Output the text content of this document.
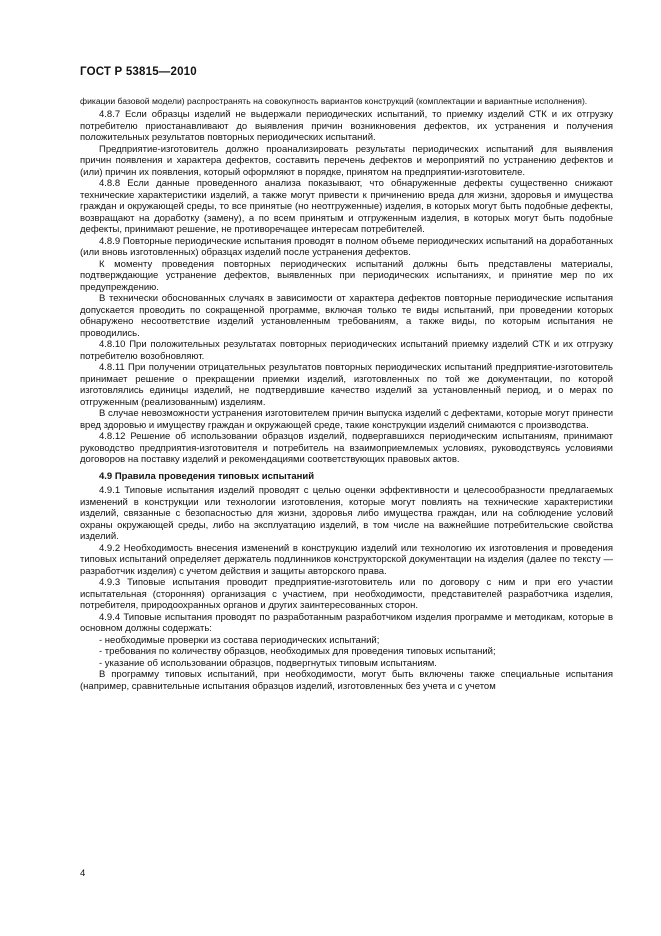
ГОСТ Р 53815—2010

фикации базовой модели) распространять на совокупность вариантов конструкций (комплектации и вариантные исполнения).

4.8.7 Если образцы изделий не выдержали периодических испытаний, то приемку изделий СТК и их отгрузку потребителю приостанавливают до выявления причин возникновения дефектов, их устранения и получения положительных результатов повторных периодических испытаний.

Предприятие-изготовитель должно проанализировать результаты периодических испытаний для выявления причин появления и характера дефектов, составить перечень дефектов и мероприятий по устранению дефектов и (или) причин их появления, который оформляют в порядке, принятом на предприятии-изготовителе.

4.8.8 Если данные проведенного анализа показывают, что обнаруженные дефекты существенно снижают технические характеристики изделий, а также могут привести к причинению вреда для жизни, здоровья и имущества граждан и окружающей среды, то все принятые (но неотгруженные) изделия, в которых могут быть подобные дефекты, возвращают на доработку (замену), а по всем принятым и отгруженным изделия, в которых могут быть подобные дефекты, принимают решение, не противоречащее интересам потребителей.

4.8.9 Повторные периодические испытания проводят в полном объеме периодических испытаний на доработанных (или вновь изготовленных) образцах изделий после устранения дефектов.

К моменту проведения повторных периодических испытаний должны быть представлены материалы, подтверждающие устранение дефектов, выявленных при периодических испытаниях, и принятие мер по их предупреждению.

В технически обоснованных случаях в зависимости от характера дефектов повторные периодические испытания допускается проводить по сокращенной программе, включая только те виды испытаний, при проведении которых обнаружено несоответствие изделий установленным требованиям, а также виды, по которым испытания не проводились.

4.8.10 При положительных результатах повторных периодических испытаний приемку изделий СТК и их отгрузку потребителю возобновляют.

4.8.11 При получении отрицательных результатов повторных периодических испытаний предприятие-изготовитель принимает решение о прекращении приемки изделий, изготовленных по той же документации, по которой изготовлялись единицы изделий, не подтвердившие качество изделий за установленный период, и о мерах по отгруженным (реализованным) изделиям.

В случае невозможности устранения изготовителем причин выпуска изделий с дефектами, которые могут принести вред здоровью и имуществу граждан и окружающей среде, такие конструкции изделий снимаются с производства.

4.8.12 Решение об использовании образцов изделий, подвергавшихся периодическим испытаниям, принимают руководство предприятия-изготовителя и потребитель на взаимоприемлемых условиях, руководствуясь условиями договоров на поставку изделий и рекомендациями соответствующих правовых актов.

4.9 Правила проведения типовых испытаний

4.9.1 Типовые испытания изделий проводят с целью оценки эффективности и целесообразности предлагаемых изменений в конструкции или технологии изготовления, которые могут повлиять на технические характеристики изделий, связанные с безопасностью для жизни, здоровья либо имущества граждан, или на соблюдение условий охраны окружающей среды, либо на эксплуатацию изделий, в том числе на важнейшие потребительские свойства изделий.

4.9.2 Необходимость внесения изменений в конструкцию изделий или технологию их изготовления и проведения типовых испытаний определяет держатель подлинников конструкторской документации на изделия (далее по тексту — разработчик изделия) с учетом действия и защиты авторского права.

4.9.3 Типовые испытания проводит предприятие-изготовитель или по договору с ним и при его участии испытательная (сторонняя) организация с участием, при необходимости, представителей разработчика изделия, потребителя, природоохранных органов и других заинтересованных сторон.

4.9.4 Типовые испытания проводят по разработанным разработчиком изделия программе и методикам, которые в основном должны содержать:

- необходимые проверки из состава периодических испытаний;

- требования по количеству образцов, необходимых для проведения типовых испытаний;

- указание об использовании образцов, подвергнутых типовым испытаниям.

В программу типовых испытаний, при необходимости, могут быть включены также специальные испытания (например, сравнительные испытания образцов изделий, изготовленных без учета и с учетом

4
